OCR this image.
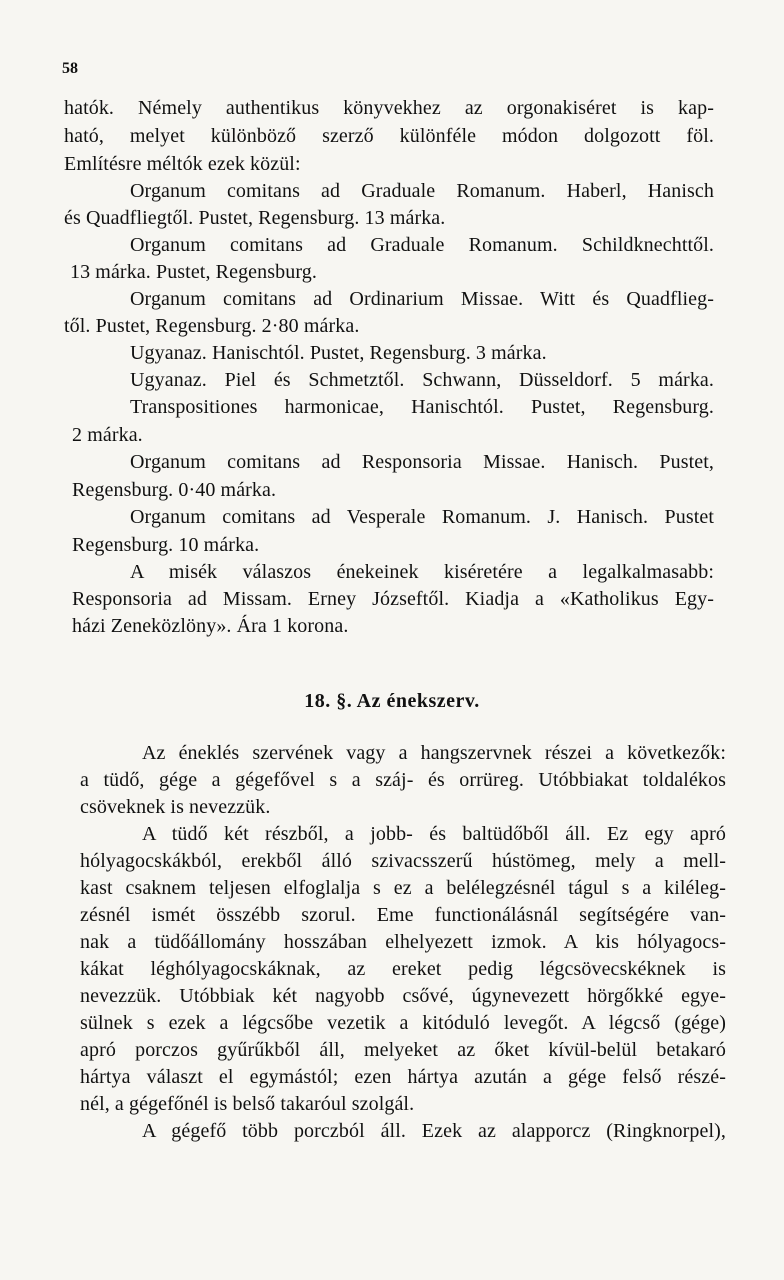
58
hatók. Némely authentikus könyvekhez az orgonakiséret is kap-
ható, melyet különböző szerző különféle módon dolgozott föl.
Említésre méltók ezek közül:
Organum comitans ad Graduale Romanum. Haberl, Hanisch
és Quadfliegtől. Pustet, Regensburg. 13 márka.
Organum comitans ad Graduale Romanum. Schildknechttől.
13 márka. Pustet, Regensburg.
Organum comitans ad Ordinarium Missae. Witt és Quadflieg-
től. Pustet, Regensburg. 2·80 márka.
Ugyanaz. Hanischtól. Pustet, Regensburg. 3 márka.
Ugyanaz. Piel és Schmetztől. Schwann, Düsseldorf. 5 márka.
Transpositiones harmonicae, Hanischtól. Pustet, Regensburg.
2 márka.
Organum comitans ad Responsoria Missae. Hanisch. Pustet,
Regensburg. 0·40 márka.
Organum comitans ad Vesperale Romanum. J. Hanisch. Pustet
Regensburg. 10 márka.
A misék válaszos énekeinek kiséretére a legalkalmasabb:
Responsoria ad Missam. Erney Józseftől. Kiadja a «Katholikus Egy-
házi Zeneközlöny». Ára 1 korona.
18. §. Az énekszerv.
Az éneklés szervének vagy a hangszervnek részei a következők:
a tüdő, gége a gégefővel s a száj- és orrüreg. Utóbbiakat toldalékos
csöveknek is nevezzük.
A tüdő két részből, a jobb- és baltüdőből áll. Ez egy apró
hólyagocskákból, erekből álló szivacsszerű hústömeg, mely a mell-
kast csaknem teljesen elfoglalja s ez a belélegzésnél tágul s a kiléleg-
zésnél ismét összébb szorul. Eme functionálásnál segítségére van-
nak a tüdőállomány hosszában elhelyezett izmok. A kis hólyagocs-
kákat léghólyagocskáknak, az ereket pedig légcsövecskéknek is
nevezzük. Utóbbiak két nagyobb csővé, úgynevezett hörgőkké egye-
sülnek s ezek a légcsőbe vezetik a kitóduló levegőt. A légcső (gége)
apró porczos gyűrűkből áll, melyeket az őket kívül-belül betakaró
hártya választ el egymástól; ezen hártya azután a gége felső részé-
nél, a gégefőnél is belső takaróul szolgál.
A gégefő több porczból áll. Ezek az alapporcz (Ringknorpel),
